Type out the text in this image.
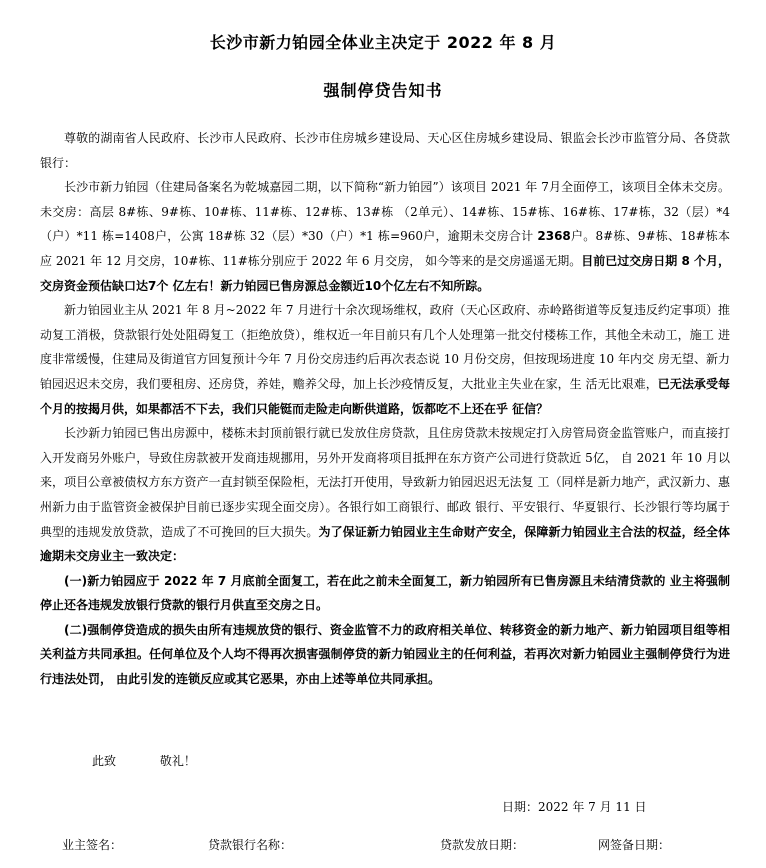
长沙市新力铂园全体业主决定于 2022 年 8 月
强制停贷告知书

尊敬的湖南省人民政府、长沙市人民政府、长沙市住房城乡建设局、天心区住房城乡建设局、银监会长沙市监管分局、各贷款银行：

长沙市新力铂园（住建局备案名为乾城嘉园二期，以下简称“新力铂园”）该项目 2021 年 7月全面停工，该项目全体未交房。未交房：高层 8#栋、9#栋、10#栋、11#栋、12#栋、13#栋 （2单元）、14#栋、15#栋、16#栋、17#栋，32（层）*4（户）*11 栋=1408户，公寓 18#栋 32（层）*30（户）*1 栋=960户，逾期未交房合计 2368户。8#栋、9#栋、18#栋本应 2021 年 12 月交房，10#栋、11#栋分别应于 2022 年 6 月交房， 如今等来的是交房遥遥无期。目前已过交房日期 8 个月，交房资金预估缺口达7个 亿左右！新力铂园已售房源总金额近10个亿左右不知所踪。

新力铂园业主从 2021 年 8 月~2022 年 7 月进行十余次现场维权，政府（天心区政府、赤岭路街道等反复违反约定事项）推动复工消极，贷款银行处处阻碍复工（拒绝放贷），维权近一年目前只有几个人处理第一批交付楼栋工作，其他全未动工，施工 进度非常缓慢，住建局及街道官方回复预计今年 7 月份交房违约后再次表态说 10 月份交房，但按现场进度 10 年内交 房无望、新力铂园迟迟未交房，我们要租房、还房贷，养娃，赡养父母，加上长沙疫情反复，大批业主失业在家，生 活无比艰难，已无法承受每个月的按揭月供，如果都活不下去，我们只能铤而走险走向断供道路，饭都吃不上还在乎 征信？

长沙新力铂园已售出房源中，楼栋未封顶前银行就已发放住房贷款，且住房贷款未按规定打入房管局资金监管账户，而直接打入开发商另外账户，导致住房款被开发商违规挪用，另外开发商将项目抵押在东方资产公司进行贷款近 5亿， 自 2021 年 10 月以来，项目公章被债权方东方资产一直封锁至保险柜，无法打开使用，导致新力铂园迟迟无法复 工（同样是新力地产，武汉新力、惠州新力由于监管资金被保护目前已逐步实现全面交房）。各银行如工商银行、邮政 银行、平安银行、华夏银行、长沙银行等均属于典型的违规发放贷款，造成了不可挽回的巨大损失。为了保证新力铂园业主生命财产安全，保障新力铂园业主合法的权益，经全体逾期未交房业主一致决定：

(一)新力铂园应于 2022 年 7 月底前全面复工，若在此之前未全面复工，新力铂园所有已售房源且未结清贷款的 业主将强制停止还各违规发放银行贷款的银行月供直至交房之日。

(二)强制停贷造成的损失由所有违规放贷的银行、资金监管不力的政府相关单位、转移资金的新力地产、新力铂园项目组等相关利益方共同承担。任何单位及个人均不得再次损害强制停贷的新力铂园业主的任何利益，若再次对新力铂园业主强制停贷行为进行违法处罚， 由此引发的连锁反应或其它恶果，亦由上述等单位共同承担。

此致	敬礼！
日期：2022 年 7 月 11 日
业主签名：	贷款银行名称：	贷款发放日期：	网签备日期：
